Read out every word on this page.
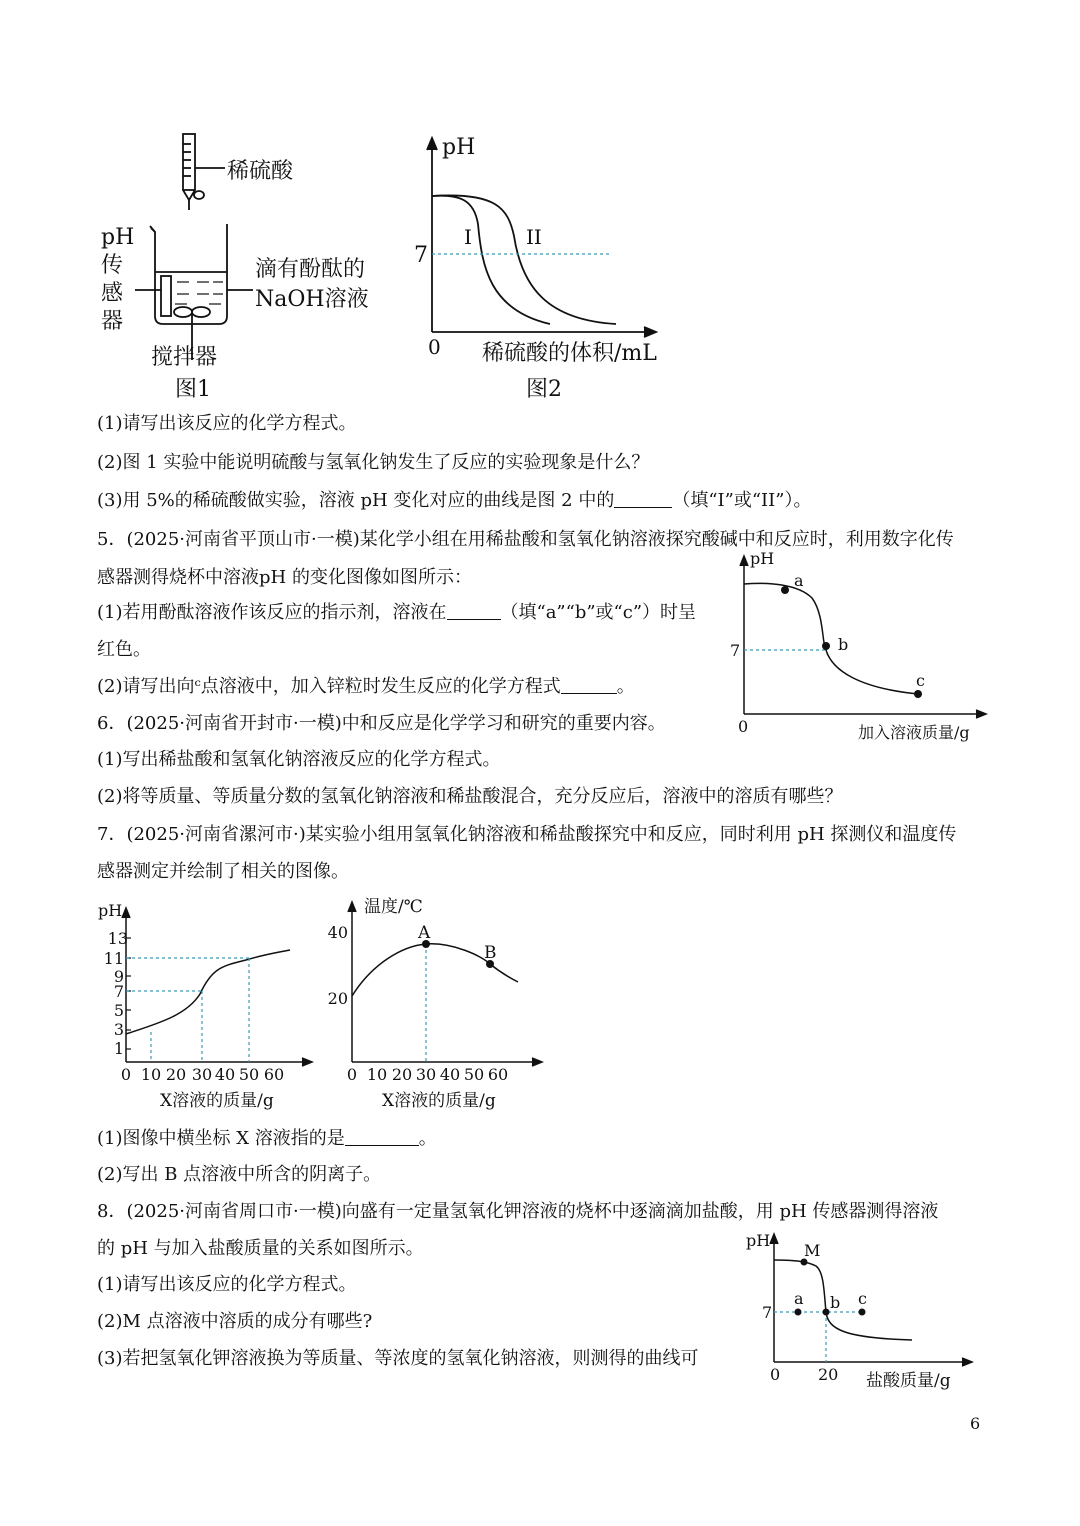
稀硫酸
pH
传
感
器
滴有酚酞的
NaOH溶液
搅拌器
图1
pH
7
I	II
0 稀硫酸的体积/mL
图2
(1)请写出该反应的化学方程式。
(2)图 1 实验中能说明硫酸与氢氧化钠发生了反应的实验现象是什么？
(3)用 5%的稀硫酸做实验，溶液 pH 变化对应的曲线是图 2 中的	（填“I”或“II”）。
5．(2025·河南省平顶山市·一模)某化学小组在用稀盐酸和氢氧化钠溶液探究酸碱中和反应时，利用数字化传
感器测得烧杯中溶液pH 的变化图像如图所示：
(1)若用酚酞溶液作该反应的指示剂，溶液在	（填“a”“b”或“c”）时呈
红色。
(2)请写出向ᶜ点溶液中，加入锌粒时发生反应的化学方程式	。
pH
a
b
c
7
0	加入溶液质量/g
6．(2025·河南省开封市·一模)中和反应是化学学习和研究的重要内容。
(1)写出稀盐酸和氢氧化钠溶液反应的化学方程式。
(2)将等质量、等质量分数的氢氧化钠溶液和稀盐酸混合，充分反应后，溶液中的溶质有哪些？
7．(2025·河南省漯河市·)某实验小组用氢氧化钠溶液和稀盐酸探究中和反应，同时利用 pH 探测仪和温度传
感器测定并绘制了相关的图像。
pH
1
3
5
7
9
11
13
0 10 20 30 40 50 60
X溶液的质量/g
A
B
温度/℃
40
20
0 10 20 30 40 50 60
X溶液的质量/g
(1)图像中横坐标 X 溶液指的是	。
(2)写出 B 点溶液中所含的阴离子。
8．(2025·河南省周口市·一模)向盛有一定量氢氧化钾溶液的烧杯中逐滴滴加盐酸，用 pH 传感器测得溶液
的 pH 与加入盐酸质量的关系如图所示。
(1)请写出该反应的化学方程式。
(2)M 点溶液中溶质的成分有哪些?
(3)若把氢氧化钾溶液换为等质量、等浓度的氢氧化钠溶液，则测得的曲线可
pH
M
a b c
7
0 20 盐酸质量/g
6
